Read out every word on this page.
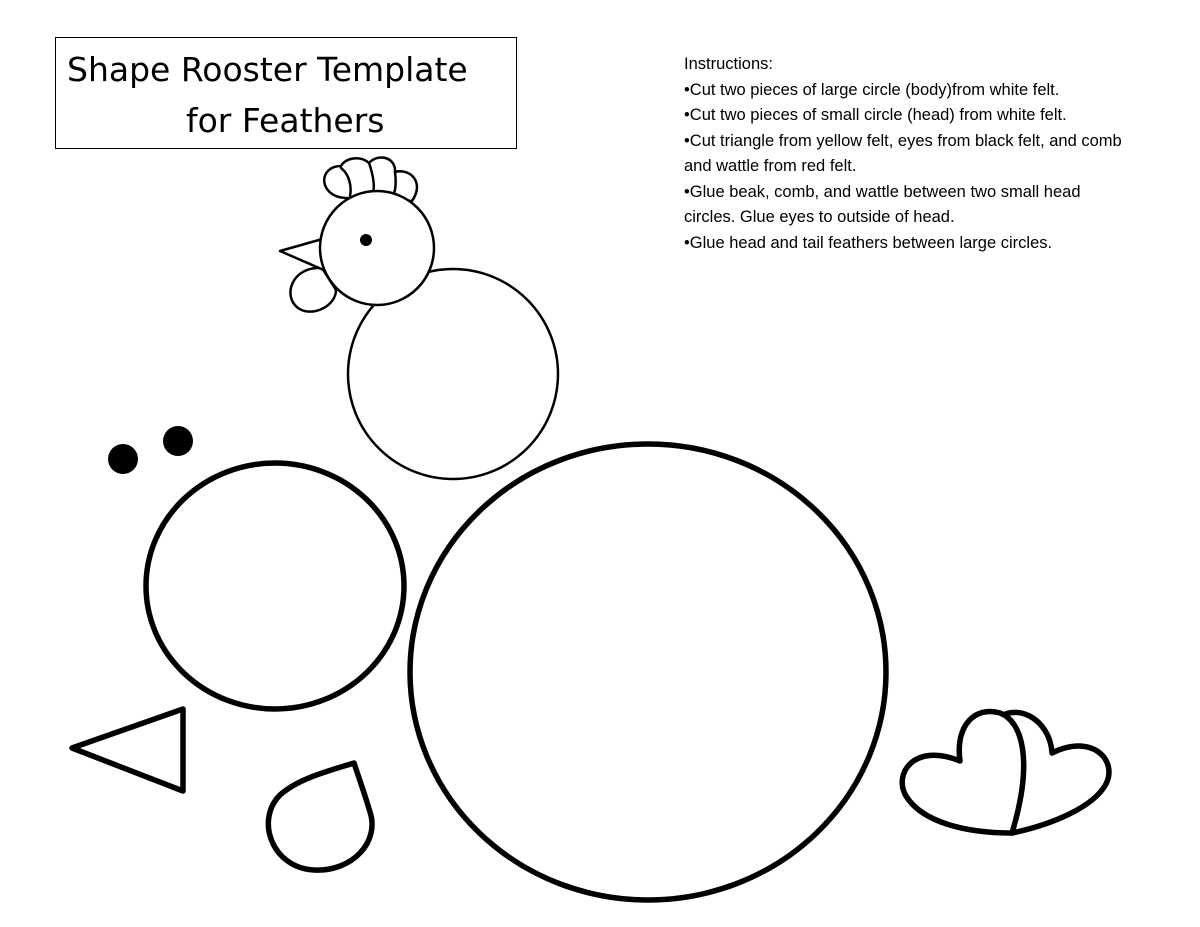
Shape Rooster Template
for Feathers
Instructions:
•Cut two pieces of large circle (body)from white felt.
•Cut two pieces of small circle (head) from white felt.
•Cut triangle from yellow felt, eyes from black felt, and comb and wattle from red felt.
•Glue beak, comb, and wattle between two small head circles. Glue eyes to outside of head.
•Glue head and tail feathers between large circles.
